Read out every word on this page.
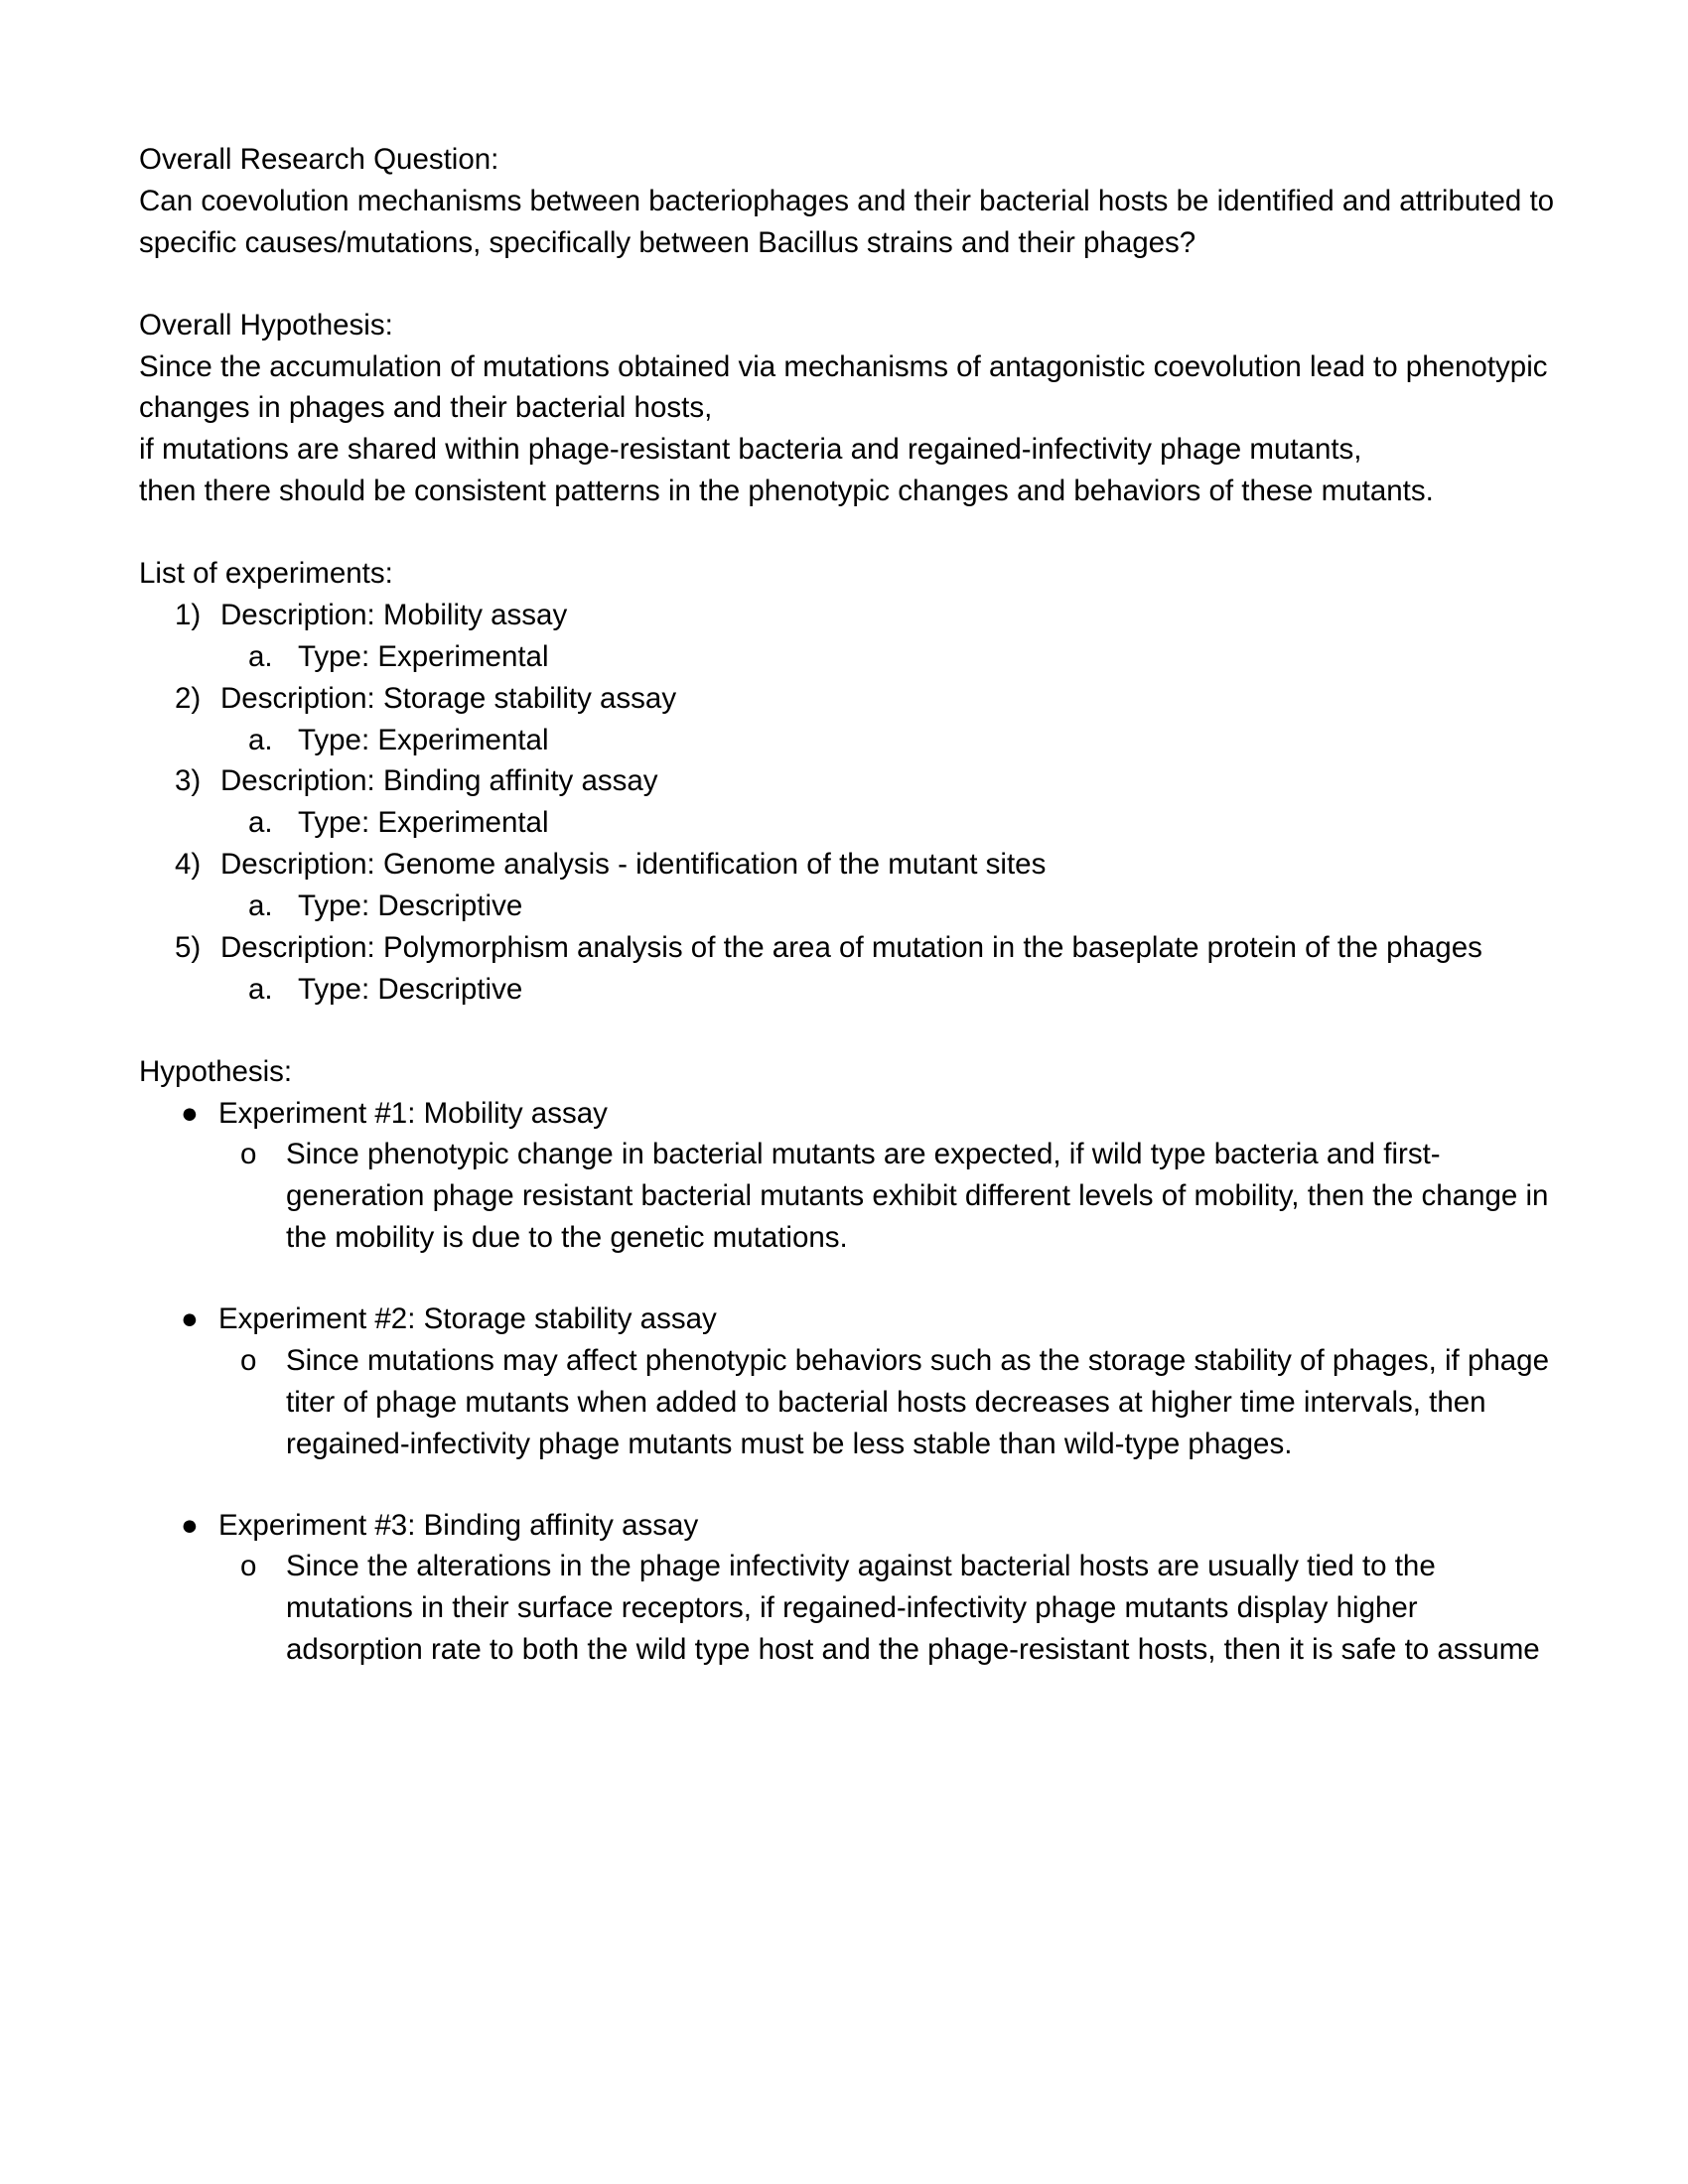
Overall Research Question:

Can coevolution mechanisms between bacteriophages and their bacterial hosts be identified and attributed to specific causes/mutations, specifically between Bacillus strains and their phages?

Overall Hypothesis:

Since the accumulation of mutations obtained via mechanisms of antagonistic coevolution lead to phenotypic changes in phages and their bacterial hosts,

if mutations are shared within phage-resistant bacteria and regained-infectivity phage mutants,

then there should be consistent patterns in the phenotypic changes and behaviors of these mutants.

List of experiments:

1) Description: Mobility assay
a. Type: Experimental
2) Description: Storage stability assay
a. Type: Experimental
3) Description: Binding affinity assay
a. Type: Experimental
4) Description: Genome analysis - identification of the mutant sites
a. Type: Descriptive
5) Description: Polymorphism analysis of the area of mutation in the baseplate protein of the phages
a. Type: Descriptive

Hypothesis:

● Experiment #1: Mobility assay
o Since phenotypic change in bacterial mutants are expected, if wild type bacteria and first-generation phage resistant bacterial mutants exhibit different levels of mobility, then the change in the mobility is due to the genetic mutations.
● Experiment #2: Storage stability assay
o Since mutations may affect phenotypic behaviors such as the storage stability of phages, if phage titer of phage mutants when added to bacterial hosts decreases at higher time intervals, then regained-infectivity phage mutants must be less stable than wild-type phages.
● Experiment #3: Binding affinity assay
o Since the alterations in the phage infectivity against bacterial hosts are usually tied to the mutations in their surface receptors, if regained-infectivity phage mutants display higher adsorption rate to both the wild type host and the phage-resistant hosts, then it is safe to assume
